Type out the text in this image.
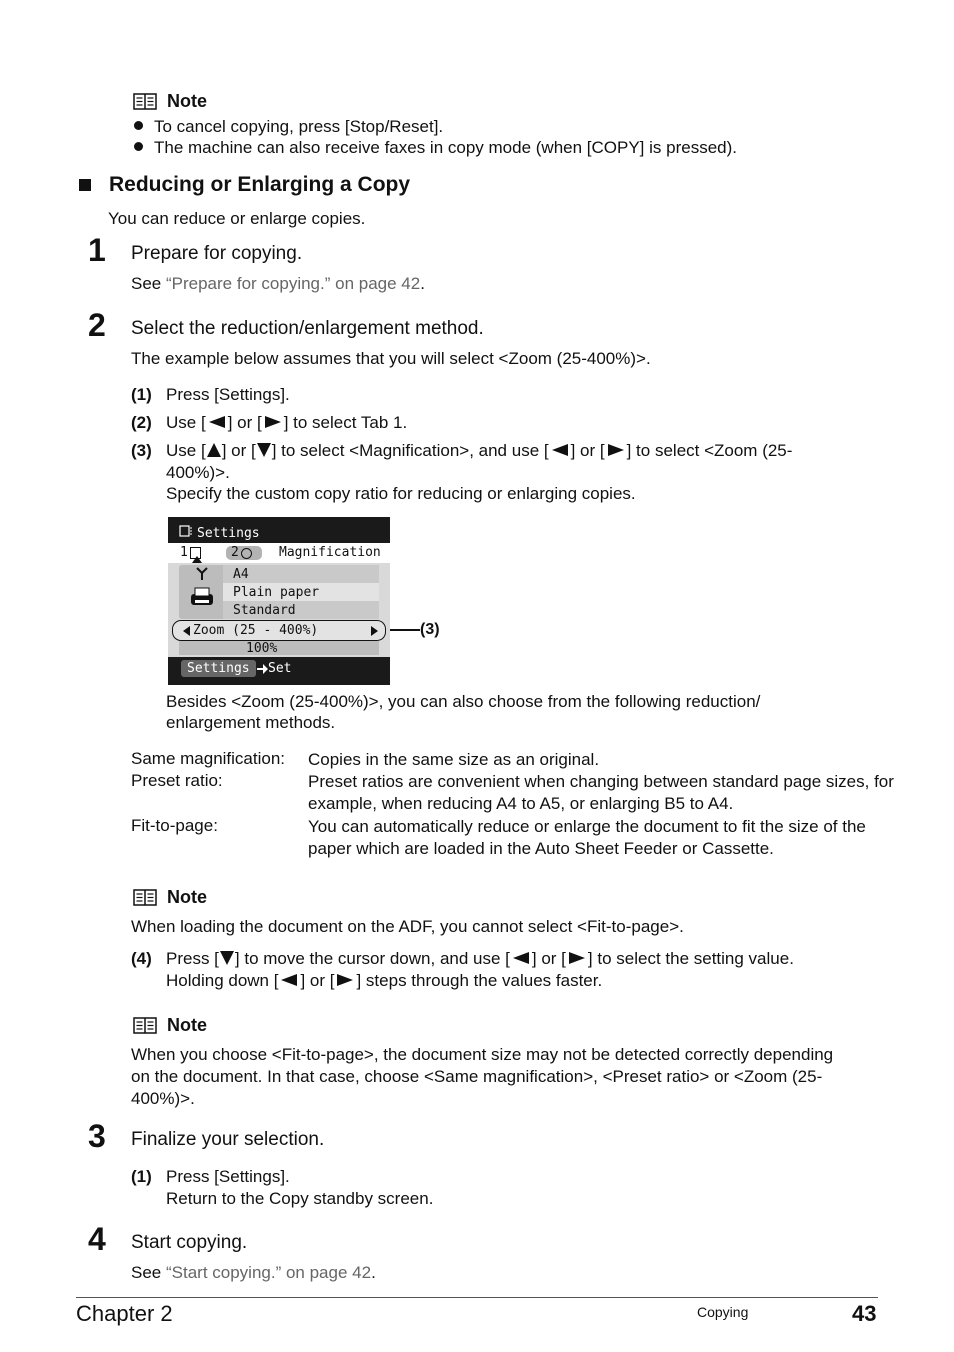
Note
To cancel copying, press [Stop/Reset].
The machine can also receive faxes in copy mode (when [COPY] is pressed).
Reducing or Enlarging a Copy
You can reduce or enlarge copies.
1 Prepare for copying.
See “Prepare for copying.” on page 42.
2 Select the reduction/enlargement method.
The example below assumes that you will select <Zoom (25-400%)>.
(1) Press [Settings].
(2) Use [ ] or [ ] to select Tab 1.
(3) Use [ ] or [ ] to select <Magnification>, and use [ ] or [ ] to select <Zoom (25-
400%)>.
Specify the custom copy ratio for reducing or enlarging copies.
Settings
1	2	Magnification
A4
Plain paper
Standard
Zoom (25 - 400%)
100%
Settings	Set
(3)
Besides <Zoom (25-400%)>, you can also choose from the following reduction/
enlargement methods.
Same magnification: Copies in the same size as an original.
Preset ratio:	Preset ratios are convenient when changing between standard page sizes, for example, when reducing A4 to A5, or enlarging B5 to A4.
Fit-to-page:	You can automatically reduce or enlarge the document to fit the size of the paper which are loaded in the Auto Sheet Feeder or Cassette.
Note
When loading the document on the ADF, you cannot select <Fit-to-page>.
(4) Press [ ] to move the cursor down, and use [ ] or [ ] to select the setting value.
Holding down [ ] or [ ] steps through the values faster.
Note
When you choose <Fit-to-page>, the document size may not be detected correctly depending
on the document. In that case, choose <Same magnification>, <Preset ratio> or <Zoom (25-
400%)>.
3 Finalize your selection.
(1) Press [Settings].
Return to the Copy standby screen.
4 Start copying.
See “Start copying.” on page 42.
Chapter 2	Copying	43
